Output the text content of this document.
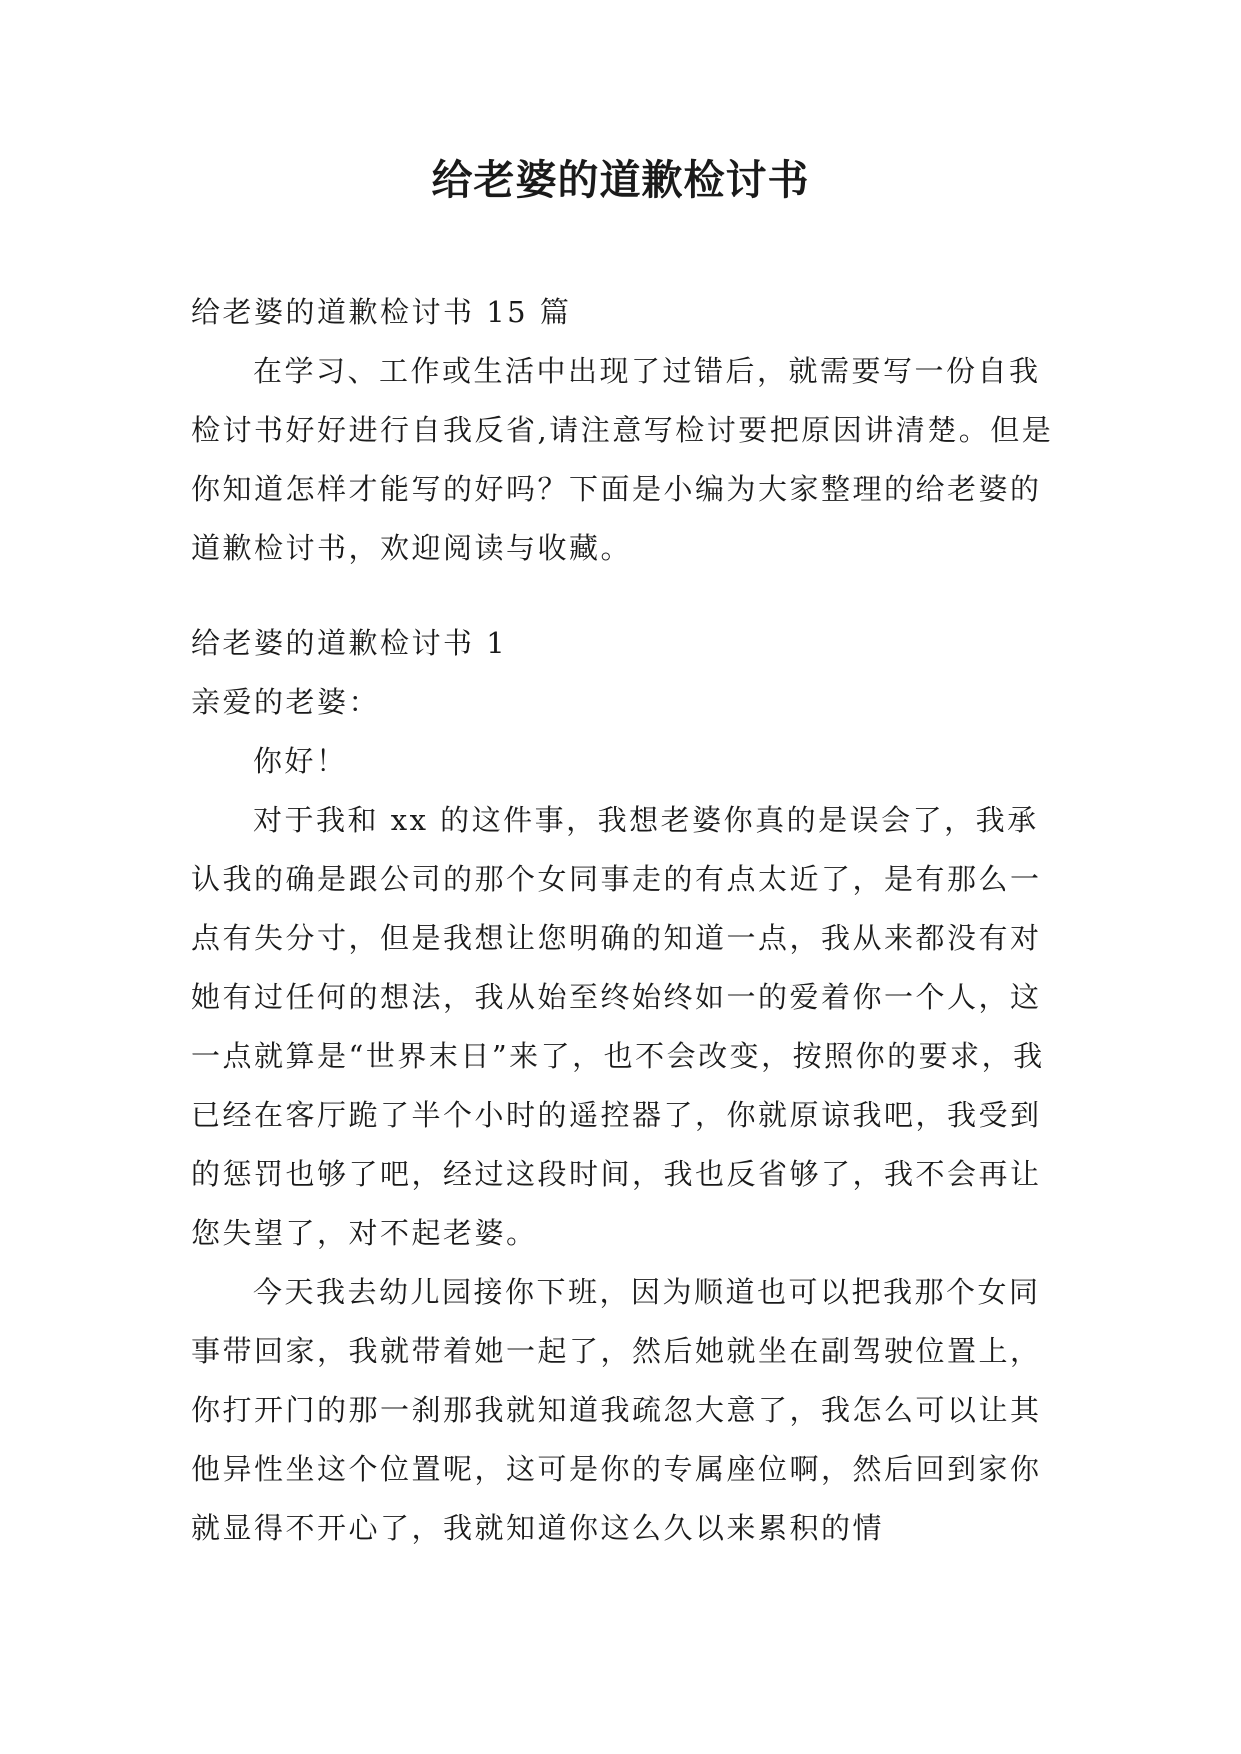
给老婆的道歉检讨书

给老婆的道歉检讨书 15 篇

在学习、工作或生活中出现了过错后，就需要写一份自我检讨书好好进行自我反省,请注意写检讨要把原因讲清楚。但是你知道怎样才能写的好吗？下面是小编为大家整理的给老婆的道歉检讨书，欢迎阅读与收藏。

给老婆的道歉检讨书 1

亲爱的老婆：

你好！

对于我和 xx 的这件事，我想老婆你真的是误会了，我承认我的确是跟公司的那个女同事走的有点太近了，是有那么一点有失分寸，但是我想让您明确的知道一点，我从来都没有对她有过任何的想法，我从始至终始终如一的爱着你一个人，这一点就算是“世界末日”来了，也不会改变，按照你的要求，我已经在客厅跪了半个小时的遥控器了，你就原谅我吧，我受到的惩罚也够了吧，经过这段时间，我也反省够了，我不会再让您失望了，对不起老婆。

今天我去幼儿园接你下班，因为顺道也可以把我那个女同事带回家，我就带着她一起了，然后她就坐在副驾驶位置上，你打开门的那一刹那我就知道我疏忽大意了，我怎么可以让其他异性坐这个位置呢，这可是你的专属座位啊，然后回到家你就显得不开心了，我就知道你这么久以来累积的情
